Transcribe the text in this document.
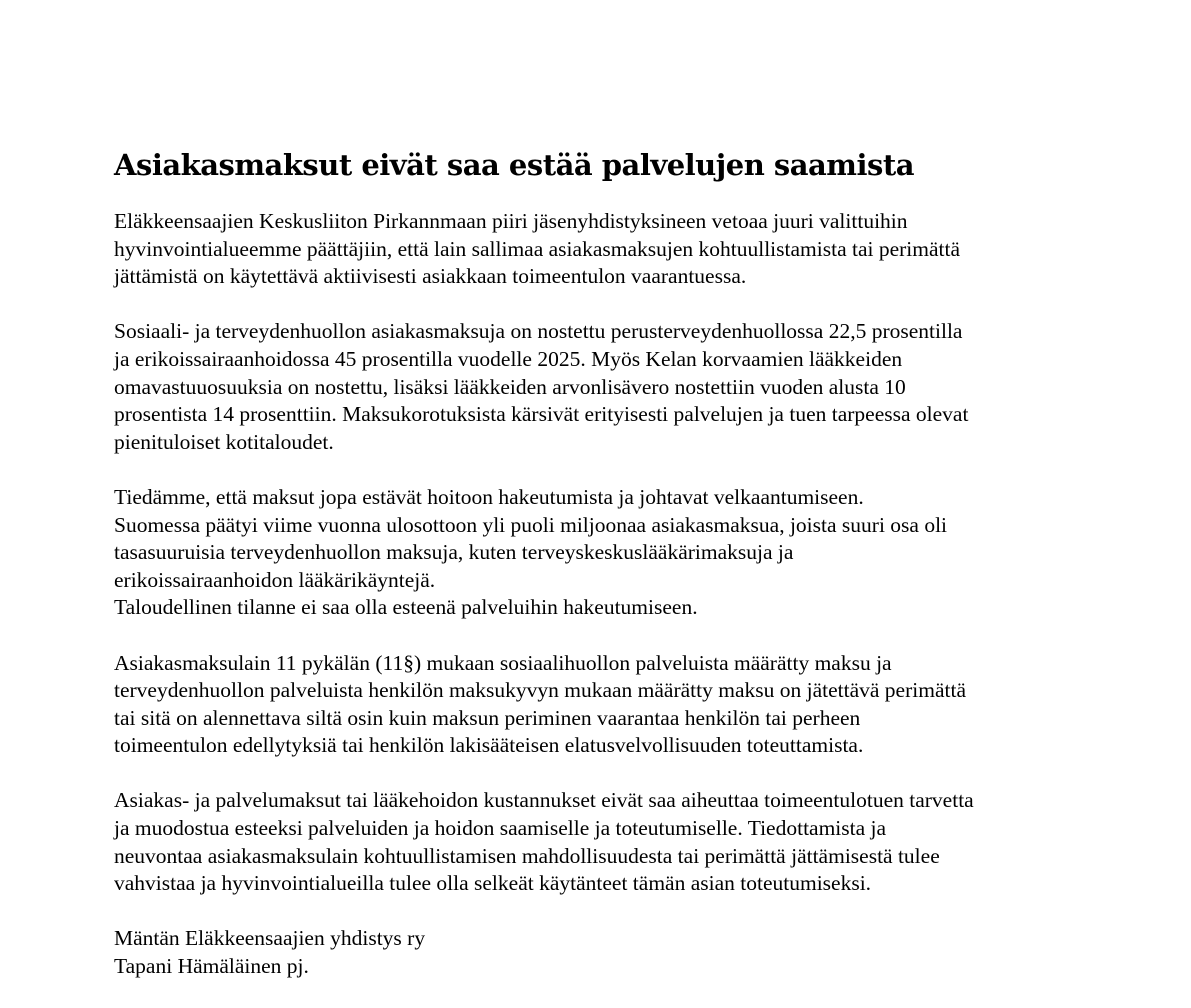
Asiakasmaksut eivät saa estää palvelujen saamista
Eläkkeensaajien Keskusliiton Pirkannmaan piiri jäsenyhdistyksineen vetoaa juuri valittuihin
hyvinvointialueemme päättäjiin, että lain sallimaa asiakasmaksujen kohtuullistamista tai perimättä
jättämistä on käytettävä aktiivisesti asiakkaan toimeentulon vaarantuessa.
Sosiaali- ja terveydenhuollon asiakasmaksuja on nostettu perusterveydenhuollossa 22,5 prosentilla
ja erikoissairaanhoidossa 45 prosentilla vuodelle 2025. Myös Kelan korvaamien lääkkeiden
omavastuuosuuksia on nostettu, lisäksi lääkkeiden arvonlisävero nostettiin vuoden alusta 10
prosentista 14 prosenttiin. Maksukorotuksista kärsivät erityisesti palvelujen ja tuen tarpeessa olevat
pienituloiset kotitaloudet.
Tiedämme, että maksut jopa estävät hoitoon hakeutumista ja johtavat velkaantumiseen.
Suomessa päätyi viime vuonna ulosottoon yli puoli miljoonaa asiakasmaksua, joista suuri osa oli
tasasuuruisia terveydenhuollon maksuja, kuten terveyskeskuslääkärimaksuja ja
erikoissairaanhoidon lääkärikäyntejä.
Taloudellinen tilanne ei saa olla esteenä palveluihin hakeutumiseen.
Asiakasmaksulain 11 pykälän (11§) mukaan sosiaalihuollon palveluista määrätty maksu ja
terveydenhuollon palveluista henkilön maksukyvyn mukaan määrätty maksu on jätettävä perimättä
tai sitä on alennettava siltä osin kuin maksun periminen vaarantaa henkilön tai perheen
toimeentulon edellytyksiä tai henkilön lakisääteisen elatusvelvollisuuden toteuttamista.
Asiakas- ja palvelumaksut tai lääkehoidon kustannukset eivät saa aiheuttaa toimeentulotuen tarvetta
ja muodostua esteeksi palveluiden ja hoidon saamiselle ja toteutumiselle. Tiedottamista ja
neuvontaa asiakasmaksulain kohtuullistamisen mahdollisuudesta tai perimättä jättämisestä tulee
vahvistaa ja hyvinvointialueilla tulee olla selkeät käytänteet tämän asian toteutumiseksi.
Mäntän Eläkkeensaajien yhdistys ry
Tapani Hämäläinen pj.
